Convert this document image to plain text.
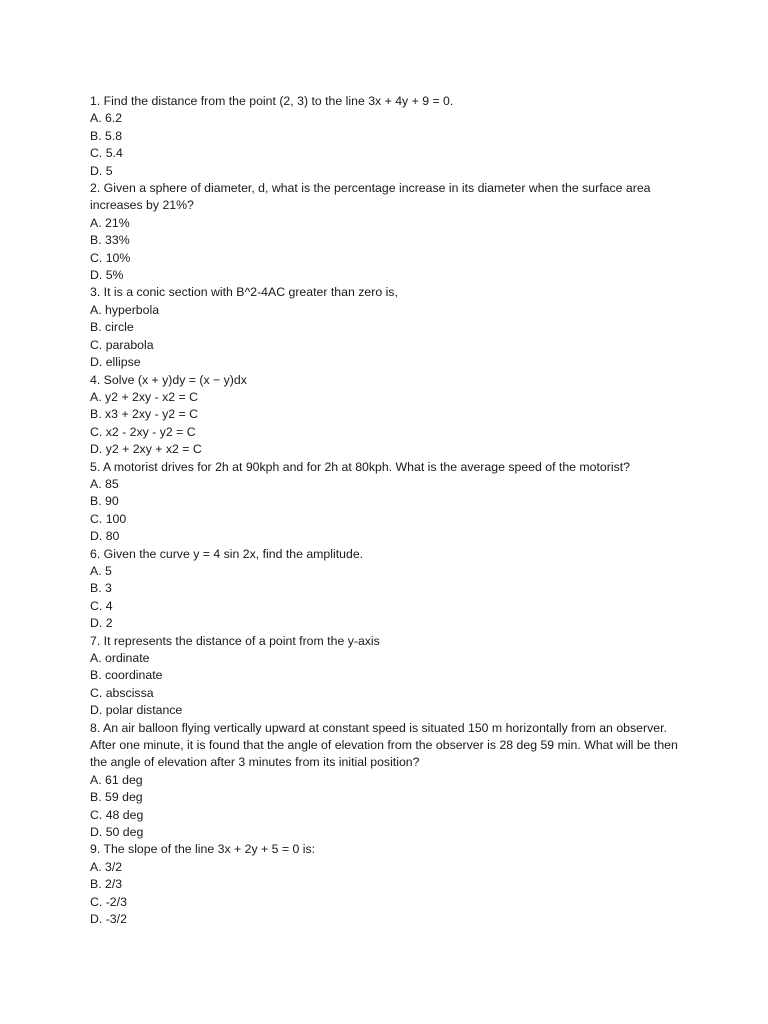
1. Find the distance from the point (2, 3) to the line 3x + 4y + 9 = 0.

A. 6.2

B. 5.8

C. 5.4

D. 5

2. Given a sphere of diameter, d, what is the percentage increase in its diameter when the surface area increases by 21%?

A. 21%

B. 33%

C. 10%

D. 5%

3. It is a conic section with B^2-4AC greater than zero is,

A. hyperbola

B. circle

C. parabola

D. ellipse

4. Solve (x + y)dy = (x − y)dx

A. y2 + 2xy - x2 = C

B. x3 + 2xy - y2 = C

C. x2 - 2xy - y2 = C

D. y2 + 2xy + x2 = C

5. A motorist drives for 2h at 90kph and for 2h at 80kph. What is the average speed of the motorist?

A. 85

B. 90

C. 100

D. 80

6. Given the curve y = 4 sin 2x, find the amplitude.

A. 5

B. 3

C. 4

D. 2

7. It represents the distance of a point from the y-axis

A. ordinate

B. coordinate

C. abscissa

D. polar distance

8. An air balloon flying vertically upward at constant speed is situated 150 m horizontally from an observer. After one minute, it is found that the angle of elevation from the observer is 28 deg 59 min. What will be then the angle of elevation after 3 minutes from its initial position?

A. 61 deg

B. 59 deg

C. 48 deg

D. 50 deg

9. The slope of the line 3x + 2y + 5 = 0 is:

A. 3/2

B. 2/3

C. -2/3

D. -3/2
